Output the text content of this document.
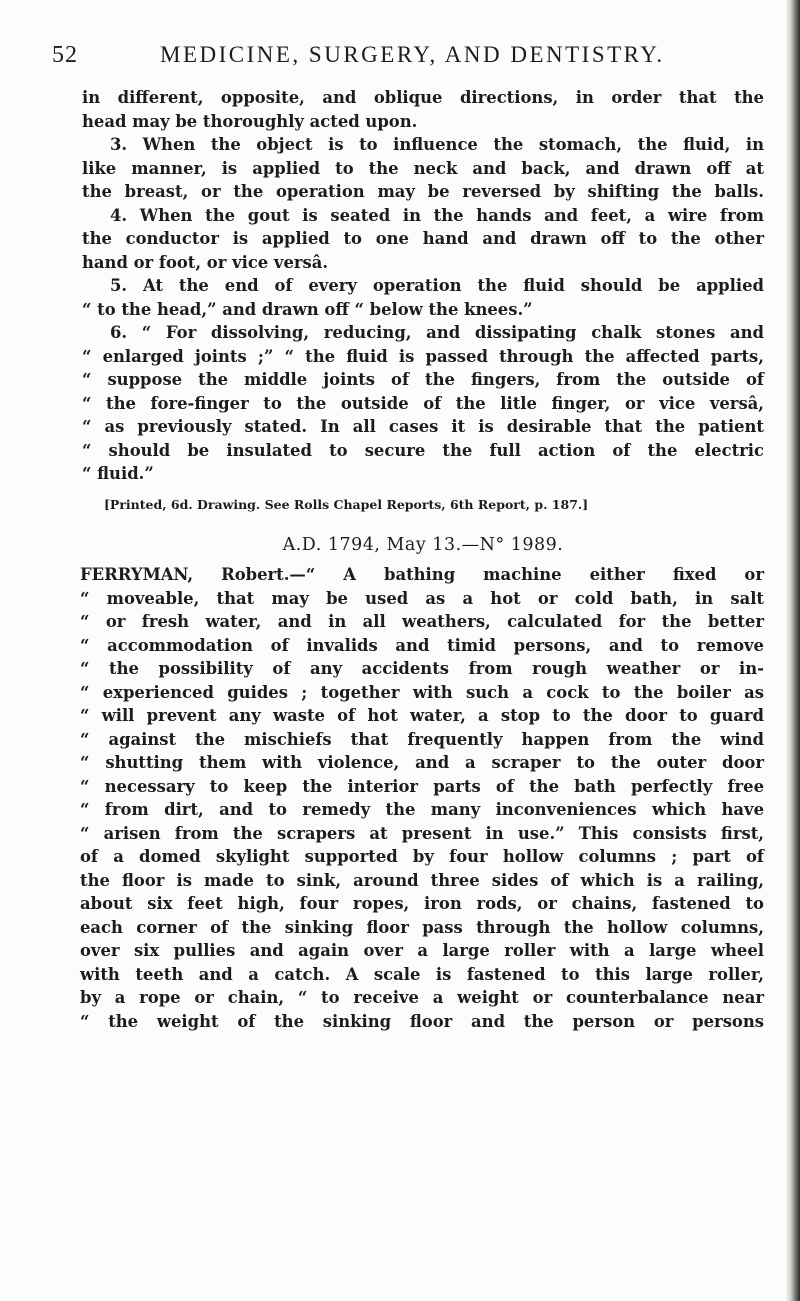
52	MEDICINE, SURGERY, AND DENTISTRY.

in different, opposite, and oblique directions, in order that the
head may be thoroughly acted upon.

3. When the object is to influence the stomach, the fluid, in
like manner, is applied to the neck and back, and drawn off at
the breast, or the operation may be reversed by shifting the balls.

4. When the gout is seated in the hands and feet, a wire from
the conductor is applied to one hand and drawn off to the other
hand or foot, or vice versâ.

5. At the end of every operation the fluid should be applied
“ to the head,” and drawn off “ below the knees.”

6. “ For dissolving, reducing, and dissipating chalk stones and
“ enlarged joints ;” “ the fluid is passed through the affected parts,
“ suppose the middle joints of the fingers, from the outside of
“ the fore-finger to the outside of the litle finger, or vice versâ,
“ as previously stated. In all cases it is desirable that the patient
“ should be insulated to secure the full action of the electric
“ fluid.”

[Printed, 6d. Drawing. See Rolls Chapel Reports, 6th Report, p. 187.]

A.D. 1794, May 13.—N° 1989.

FERRYMAN, Robert.—“ A bathing machine either fixed or
“ moveable, that may be used as a hot or cold bath, in salt
“ or fresh water, and in all weathers, calculated for the better
“ accommodation of invalids and timid persons, and to remove
“ the possibility of any accidents from rough weather or in-
“ experienced guides ; together with such a cock to the boiler as
“ will prevent any waste of hot water, a stop to the door to guard
“ against the mischiefs that frequently happen from the wind
“ shutting them with violence, and a scraper to the outer door
“ necessary to keep the interior parts of the bath perfectly free
“ from dirt, and to remedy the many inconveniences which have
“ arisen from the scrapers at present in use.” This consists first,
of a domed skylight supported by four hollow columns ; part of
the floor is made to sink, around three sides of which is a railing,
about six feet high, four ropes, iron rods, or chains, fastened to
each corner of the sinking floor pass through the hollow columns,
over six pullies and again over a large roller with a large wheel
with teeth and a catch. A scale is fastened to this large roller,
by a rope or chain, “ to receive a weight or counterbalance near
“ the weight of the sinking floor and the person or persons
